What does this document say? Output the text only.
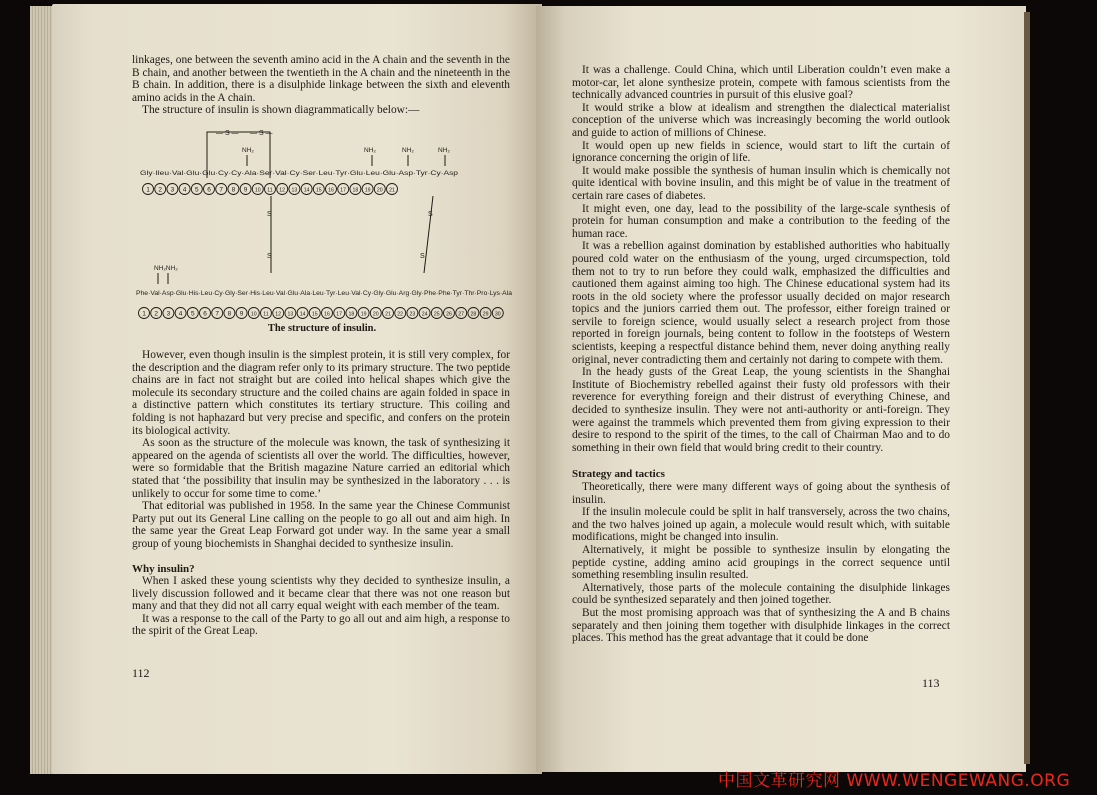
linkages, one between the seventh amino acid in the A chain and the seventh in the B chain, and another between the twentieth in the A chain and the nineteenth in the B chain. In addition, there is a disulphide linkage between the sixth and eleventh amino acids in the A chain.

The structure of insulin is shown diagrammatically below:—

— S — — S —
NH₂	NH₂	NH₂	NH₂
Gly·Ileu·Val·Glu·Glu·Cy·Cy·Ala·Ser·Val·Cy·Ser·Leu·Tyr·Glu·Leu·Glu·Asp·Tyr·Cy·Asp
1 2 3 4 5 6 7 8 9 10 11 12 13 14 15 16 17 18 19 20 21
S
S
S
S
NH₂NH₂
Phe·Val·Asp·Glu·His·Leu·Cy·Gly·Ser·His·Leu·Val·Glu·Ala·Leu·Tyr·Leu·Val·Cy·Gly·Glu·Arg·Gly·Phe·Phe·Tyr·Thr·Pro·Lys·Ala
1 2 3 4 5 6 7 8 9 10 11 12 13 14 15 16 17 18 19 20 21 22 23 24 25 26 27 28 29 30
The structure of insulin.

However, even though insulin is the simplest protein, it is still very complex, for the description and the diagram refer only to its primary structure. The two peptide chains are in fact not straight but are coiled into helical shapes which give the molecule its secondary structure and the coiled chains are again folded in space in a distinctive pattern which constitutes its tertiary structure. This coiling and folding is not haphazard but very precise and specific, and confers on the protein its biological activity.

As soon as the structure of the molecule was known, the task of synthesizing it appeared on the agenda of scientists all over the world. The difficulties, however, were so formidable that the British magazine Nature carried an editorial which stated that ‘the possibility that insulin may be synthesized in the laboratory . . . is unlikely to occur for some time to come.’

That editorial was published in 1958. In the same year the Chinese Communist Party put out its General Line calling on the people to go all out and aim high. In the same year the Great Leap Forward got under way. In the same year a small group of young biochemists in Shanghai decided to synthesize insulin.

Why insulin?

When I asked these young scientists why they decided to synthesize insulin, a lively discussion followed and it became clear that there was not one reason but many and that they did not all carry equal weight with each member of the team.

It was a response to the call of the Party to go all out and aim high, a response to the spirit of the Great Leap.

112

It was a challenge. Could China, which until Liberation couldn’t even make a motor-car, let alone synthesize protein, compete with famous scientists from the technically advanced countries in pursuit of this elusive goal?

It would strike a blow at idealism and strengthen the dialectical materialist conception of the universe which was increasingly becoming the world outlook and guide to action of millions of Chinese.

It would open up new fields in science, would start to lift the curtain of ignorance concerning the origin of life.

It would make possible the synthesis of human insulin which is chemically not quite identical with bovine insulin, and this might be of value in the treatment of certain rare cases of diabetes.

It might even, one day, lead to the possibility of the large-scale synthesis of protein for human consumption and make a contribution to the feeding of the human race.

It was a rebellion against domination by established authorities who habitually poured cold water on the enthusiasm of the young, urged circumspection, told them not to try to run before they could walk, emphasized the difficulties and cautioned them against aiming too high. The Chinese educational system had its roots in the old society where the professor usually decided on major research topics and the juniors carried them out. The professor, either foreign trained or servile to foreign science, would usually select a research project from those reported in foreign journals, being content to follow in the footsteps of Western scientists, keeping a respectful distance behind them, never doing anything really original, never contradicting them and certainly not daring to compete with them.

In the heady gusts of the Great Leap, the young scientists in the Shanghai Institute of Biochemistry rebelled against their fusty old professors with their reverence for everything foreign and their distrust of everything Chinese, and decided to synthesize insulin. They were not anti-authority or anti-foreign. They were against the trammels which prevented them from giving expression to their desire to respond to the spirit of the times, to the call of Chairman Mao and to do something in their own field that would bring credit to their country.

Strategy and tactics

Theoretically, there were many different ways of going about the synthesis of insulin.

If the insulin molecule could be split in half transversely, across the two chains, and the two halves joined up again, a molecule would result which, with suitable modifications, might be changed into insulin.

Alternatively, it might be possible to synthesize insulin by elongating the peptide cystine, adding amino acid groupings in the correct sequence until something resembling insulin resulted.

Alternatively, those parts of the molecule containing the disulphide linkages could be synthesized separately and then joined together.

But the most promising approach was that of synthesizing the A and B chains separately and then joining them together with disulphide linkages in the correct places. This method has the great advantage that it could be done

113
中国文革研究网 WWW.WENGEWANG.ORG
